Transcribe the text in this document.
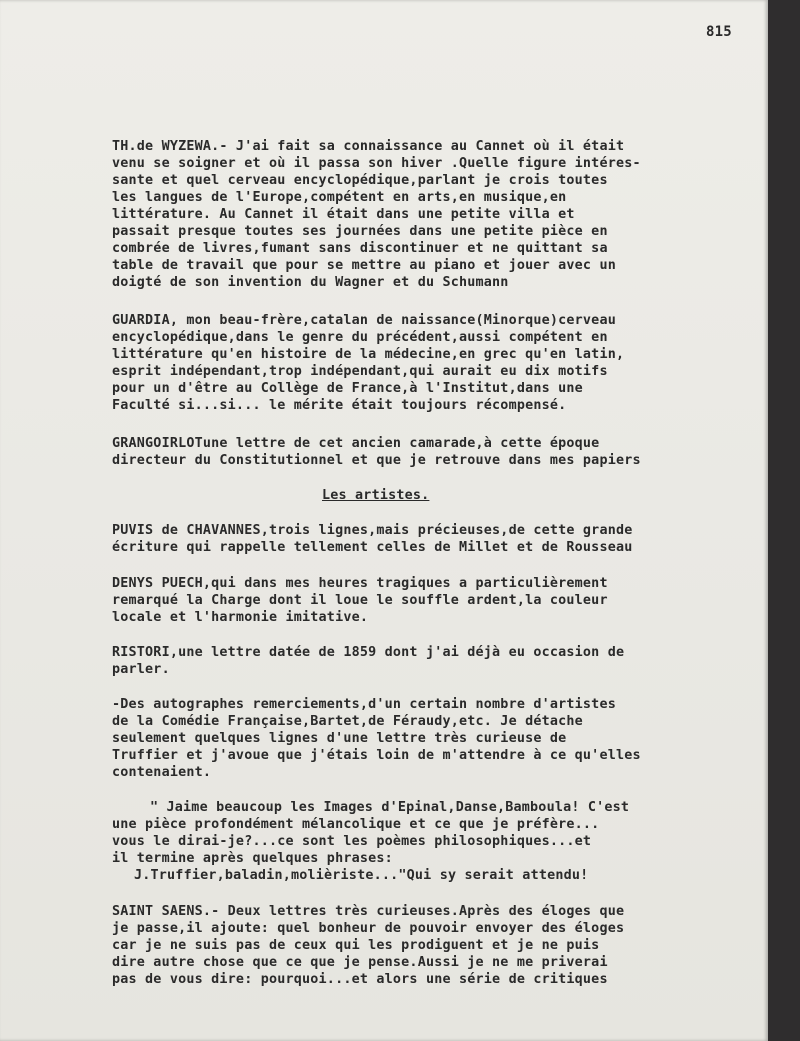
815
TH.de WYZEWA.- J'ai fait sa connaissance au Cannet où il était
venu se soigner et où il passa son hiver .Quelle figure intéres-
sante et quel cerveau encyclopédique,parlant je crois toutes
les langues de l'Europe,compétent en arts,en musique,en
littérature. Au Cannet il était dans une petite villa et
passait presque toutes ses journées dans une petite pièce en
combrée de livres,fumant sans discontinuer et ne quittant sa
table de travail que pour se mettre au piano et jouer avec un
doigté de son invention du Wagner et du Schumann
GUARDIA, mon beau-frère,catalan de naissance(Minorque)cerveau
encyclopédique,dans le genre du précédent,aussi compétent en
littérature qu'en histoire de la médecine,en grec qu'en latin,
esprit indépendant,trop indépendant,qui aurait eu dix motifs
pour un d'être au Collège de France,à l'Institut,dans une
Faculté si...si... le mérite était toujours récompensé.
GRANGOIRLOTune lettre de cet ancien camarade,à cette époque
directeur du Constitutionnel et que je retrouve dans mes papiers
Les artistes.
PUVIS de CHAVANNES,trois lignes,mais précieuses,de cette grande
écriture qui rappelle tellement celles de Millet et de Rousseau
DENYS PUECH,qui dans mes heures tragiques a particulièrement
remarqué la Charge dont il loue le souffle ardent,la couleur
locale et l'harmonie imitative.
RISTORI,une lettre datée de 1859 dont j'ai déjà eu occasion de
parler.
-Des autographes remerciements,d'un certain nombre d'artistes
de la Comédie Française,Bartet,de Féraudy,etc. Je détache
seulement quelques lignes d'une lettre très curieuse de
Truffier et j'avoue que j'étais loin de m'attendre à ce qu'elles
contenaient.
" Jaime beaucoup les Images d'Epinal,Danse,Bamboula! C'est
une pièce profondément mélancolique et ce que je préfère...
vous le dirai-je?...ce sont les poèmes philosophiques...et
il termine après quelques phrases:
J.Truffier,baladin,molièriste..."Qui sy serait attendu!
SAINT SAENS.- Deux lettres très curieuses.Après des éloges que
je passe,il ajoute: quel bonheur de pouvoir envoyer des éloges
car je ne suis pas de ceux qui les prodiguent et je ne puis
dire autre chose que ce que je pense.Aussi je ne me priverai
pas de vous dire: pourquoi...et alors une série de critiques
